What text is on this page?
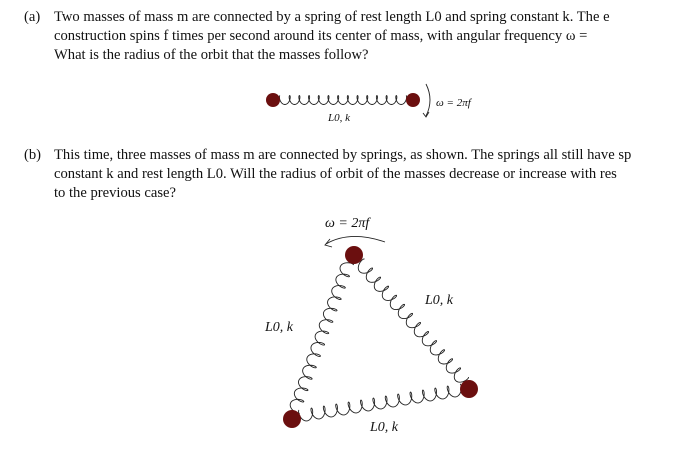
(a) Two masses of mass m are connected by a spring of rest length L0 and spring constant k. The e
construction spins f times per second around its center of mass, with angular frequency ω =
What is the radius of the orbit that the masses follow?
(b) This time, three masses of mass m are connected by springs, as shown. The springs all still have sp
constant k and rest length L0. Will the radius of orbit of the masses decrease or increase with res
to the previous case?
L0, k
ω = 2πf
ω = 2πf
L0, k
L0, k
L0, k
